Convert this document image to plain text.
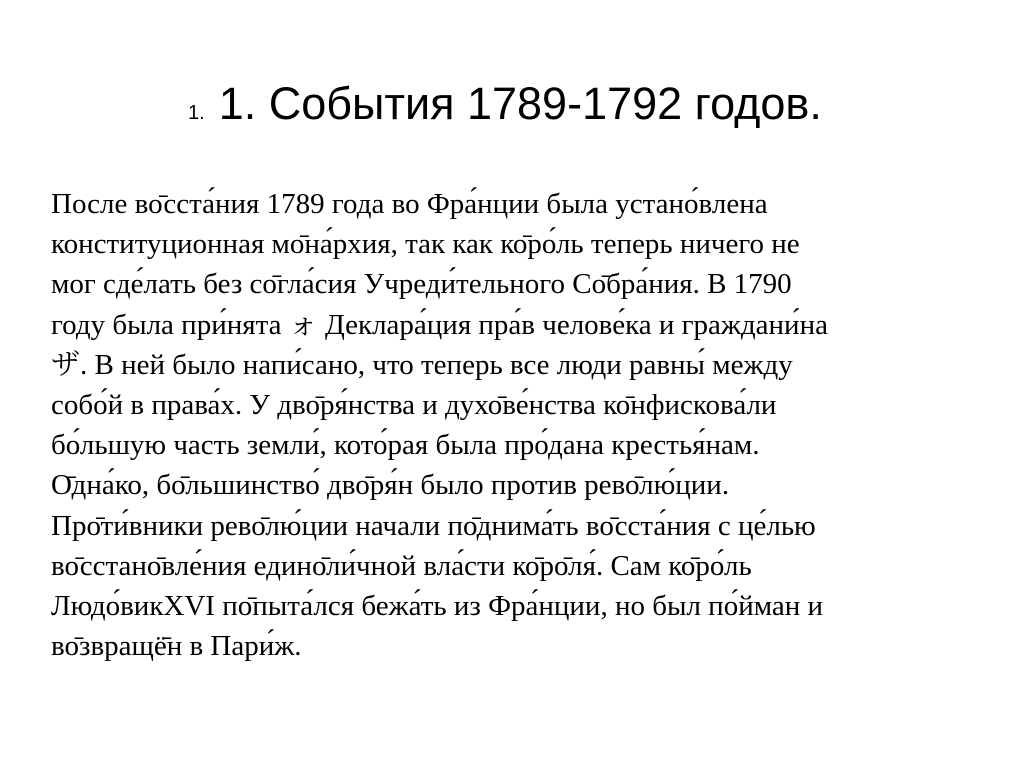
1. 1. События 1789-1792 годов.
После во̄сста́ния 1789 года во Фра́нции была устано́влена
конституционная мо̄на́рхия, так как ко̄ро́ль теперь ничего не
мог сде́лать без со̄гла́сия Учреди́тельного Со̄бра́ния. В 1790
году была при́нята ォ Деклара́ция пра́в челове́ка и граждани́на
ザ. В ней было напи́сано, что теперь все люди равны́ между
собо́й в права́х. У дво̄ря́нства и духо̄ве́нства ко̄нфискова́ли
бо́льшую часть земли́, кото́рая была про́дана крестья́нам.
О̄дна́ко, бо̄льшинство́ дво̄ря́н было против рево̄лю́ции.
Про̄ти́вники рево̄лю́ции начали по̄днима́ть во̄сста́ния с це́лью
во̄сстано̄вле́ния едино̄ли́чной вла́сти ко̄ро̄ля́. Сам ко̄ро́ль
Людо́викXVI по̄пыта́лся бежа́ть из Фра́нции, но был по́йман и
во̄звращё̄н в Пари́ж.
